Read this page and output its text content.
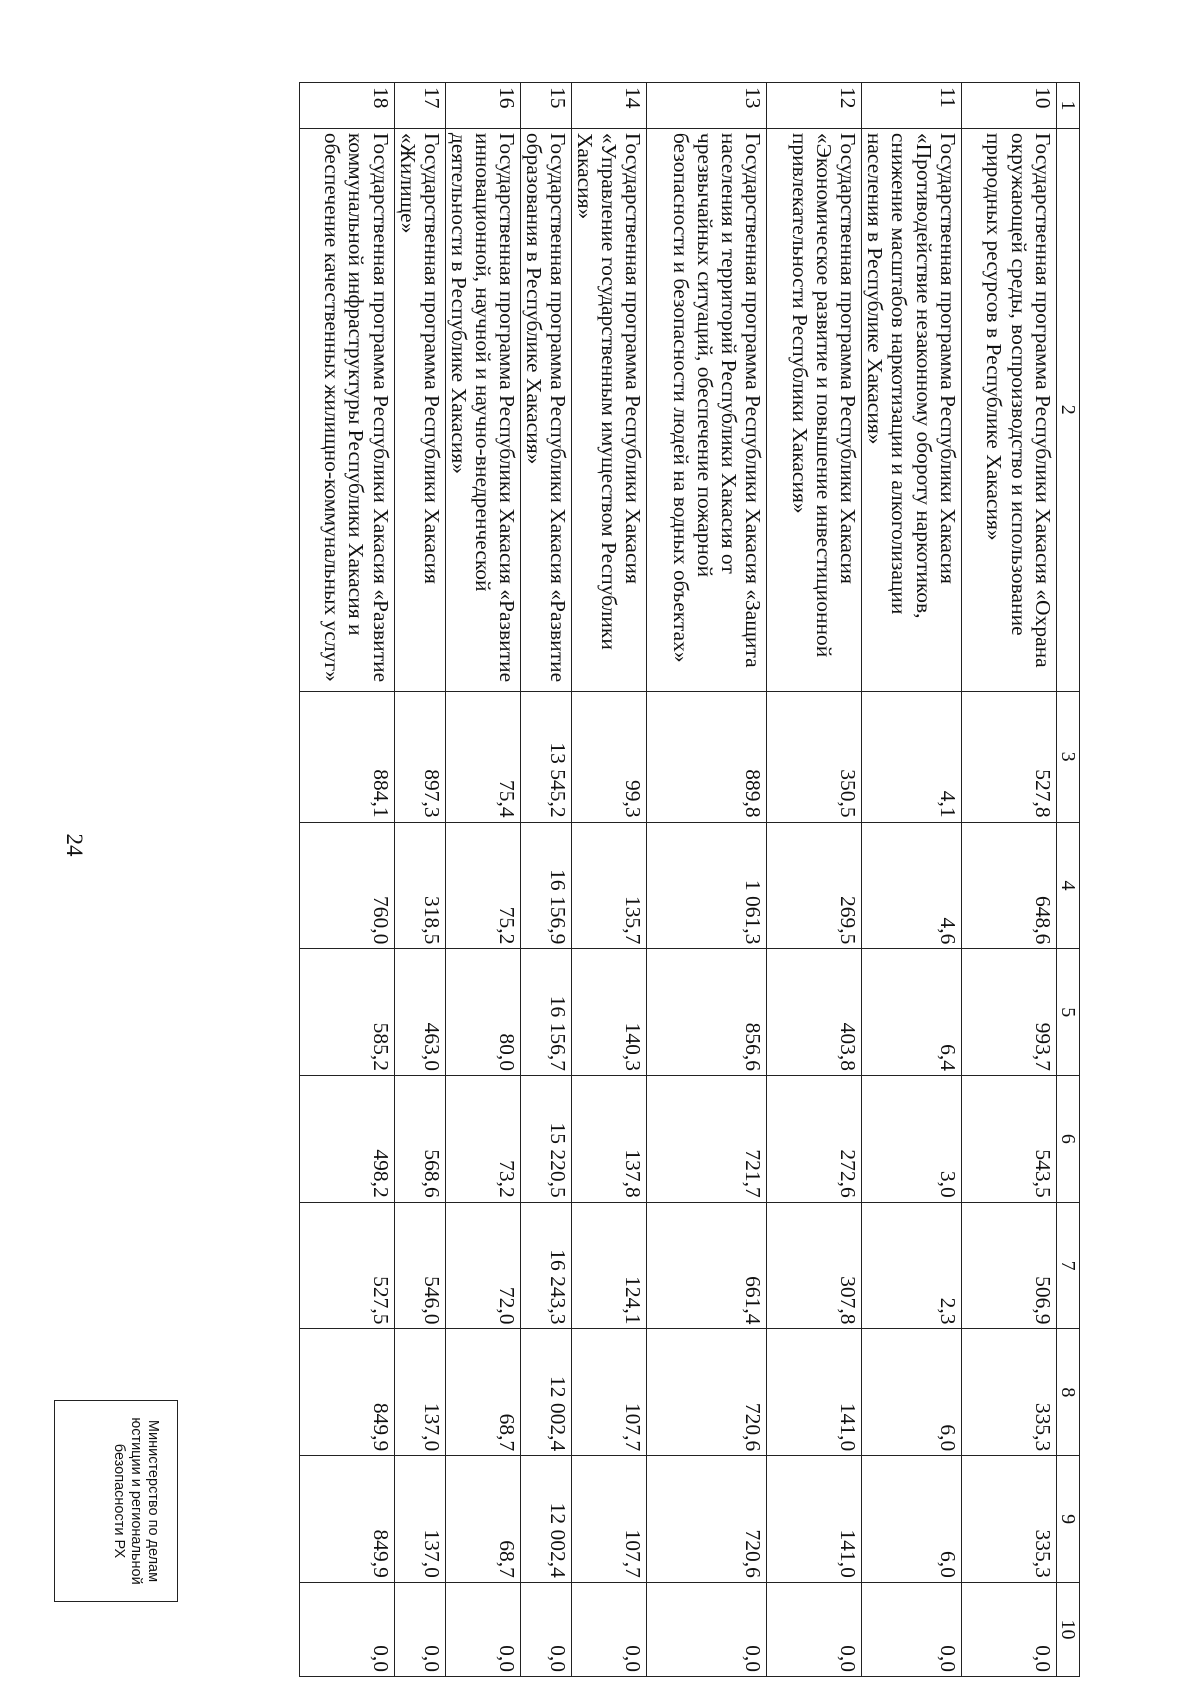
24
1	2	3	4	5	6	7	8	9	10
10	Государственная программа Республики Хакасия «Охрана окружающей среды, воспроизводство и использование природных ресурсов в Республике Хакасия»	527,8	648,6	993,7	543,5	506,9	335,3	335,3	0,0
11	Государственная программа Республики Хакасия «Противодействие незаконному обороту наркотиков, снижение масштабов наркотизации и алкоголизации населения в Республике Хакасия»	4,1	4,6	6,4	3,0	2,3	6,0	6,0	0,0
12	Государственная программа Республики Хакасия «Экономическое развитие и повышение инвестиционной привлекательности Республики Хакасия»	350,5	269,5	403,8	272,6	307,8	141,0	141,0	0,0
13	Государственная программа Республики Хакасия «Защита населения и территорий Республики Хакасия от чрезвычайных ситуаций, обеспечение пожарной безопасности и безопасности людей на водных объектах»	889,8	1 061,3	856,6	721,7	661,4	720,6	720,6	0,0
14	Государственная программа Республики Хакасия «Управление государственным имуществом Республики Хакасия»	99,3	135,7	140,3	137,8	124,1	107,7	107,7	0,0
15	Государственная программа Республики Хакасия «Развитие образования в Республике Хакасия»	13 545,2	16 156,9	16 156,7	15 220,5	16 243,3	12 002,4	12 002,4	0,0
16	Государственная программа Республики Хакасия «Развитие инновационной, научной и научно-внедренческой деятельности в Республике Хакасия»	75,4	75,2	80,0	73,2	72,0	68,7	68,7	0,0
17	Государственная программа Республики Хакасия «Жилище»	897,3	318,5	463,0	568,6	546,0	137,0	137,0	0,0
18	Государственная программа Республики Хакасия «Развитие коммунальной инфраструктуры Республики Хакасия и обеспечение качественных жилищно-коммунальных услуг»	884,1	760,0	585,2	498,2	527,5	849,9	849,9	0,0
Министерство по делам
юстиции и региональной
безопасности РХ
